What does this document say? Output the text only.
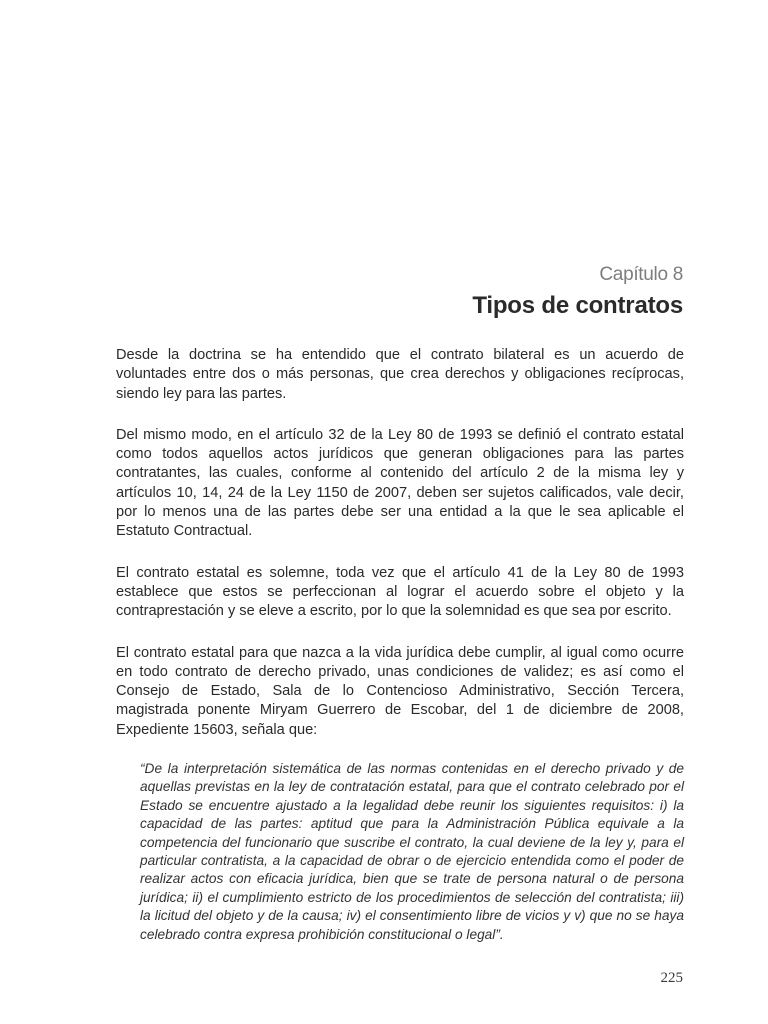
Capítulo 8
Tipos de contratos

Desde la doctrina se ha entendido que el contrato bilateral es un acuerdo de voluntades entre dos o más personas, que crea derechos y obligaciones recíprocas, siendo ley para las partes.

Del mismo modo, en el artículo 32 de la Ley 80 de 1993 se definió el contrato estatal como todos aquellos actos jurídicos que generan obligaciones para las partes contratantes, las cuales, conforme al contenido del artículo 2 de la misma ley y artículos 10, 14, 24 de la Ley 1150 de 2007, deben ser sujetos calificados, vale decir, por lo menos una de las partes debe ser una entidad a la que le sea aplicable el Estatuto Contractual.

El contrato estatal es solemne, toda vez que el artículo 41 de la Ley 80 de 1993 establece que estos se perfeccionan al lograr el acuerdo sobre el objeto y la contraprestación y se eleve a escrito, por lo que la solemnidad es que sea por escrito.

El contrato estatal para que nazca a la vida jurídica debe cumplir, al igual como ocurre en todo contrato de derecho privado, unas condiciones de validez; es así como el Consejo de Estado, Sala de lo Contencioso Administrativo, Sección Tercera, magistrada ponente Miryam Guerrero de Escobar, del 1 de diciembre de 2008, Expediente 15603, señala que:

“De la interpretación sistemática de las normas contenidas en el derecho privado y de aquellas previstas en la ley de contratación estatal, para que el contrato celebrado por el Estado se encuentre ajustado a la legalidad debe reunir los siguientes requisitos: i) la capacidad de las partes: aptitud que para la Administración Pública equivale a la competencia del funcionario que suscribe el contrato, la cual deviene de la ley y, para el particular contratista, a la capacidad de obrar o de ejercicio entendida como el poder de realizar actos con eficacia jurídica, bien que se trate de persona natural o de persona jurídica; ii) el cumplimiento estricto de los procedimientos de selección del contratista; iii) la licitud del objeto y de la causa; iv) el consentimiento libre de vicios y v) que no se haya celebrado contra expresa prohibición constitucional o legal”.
225
